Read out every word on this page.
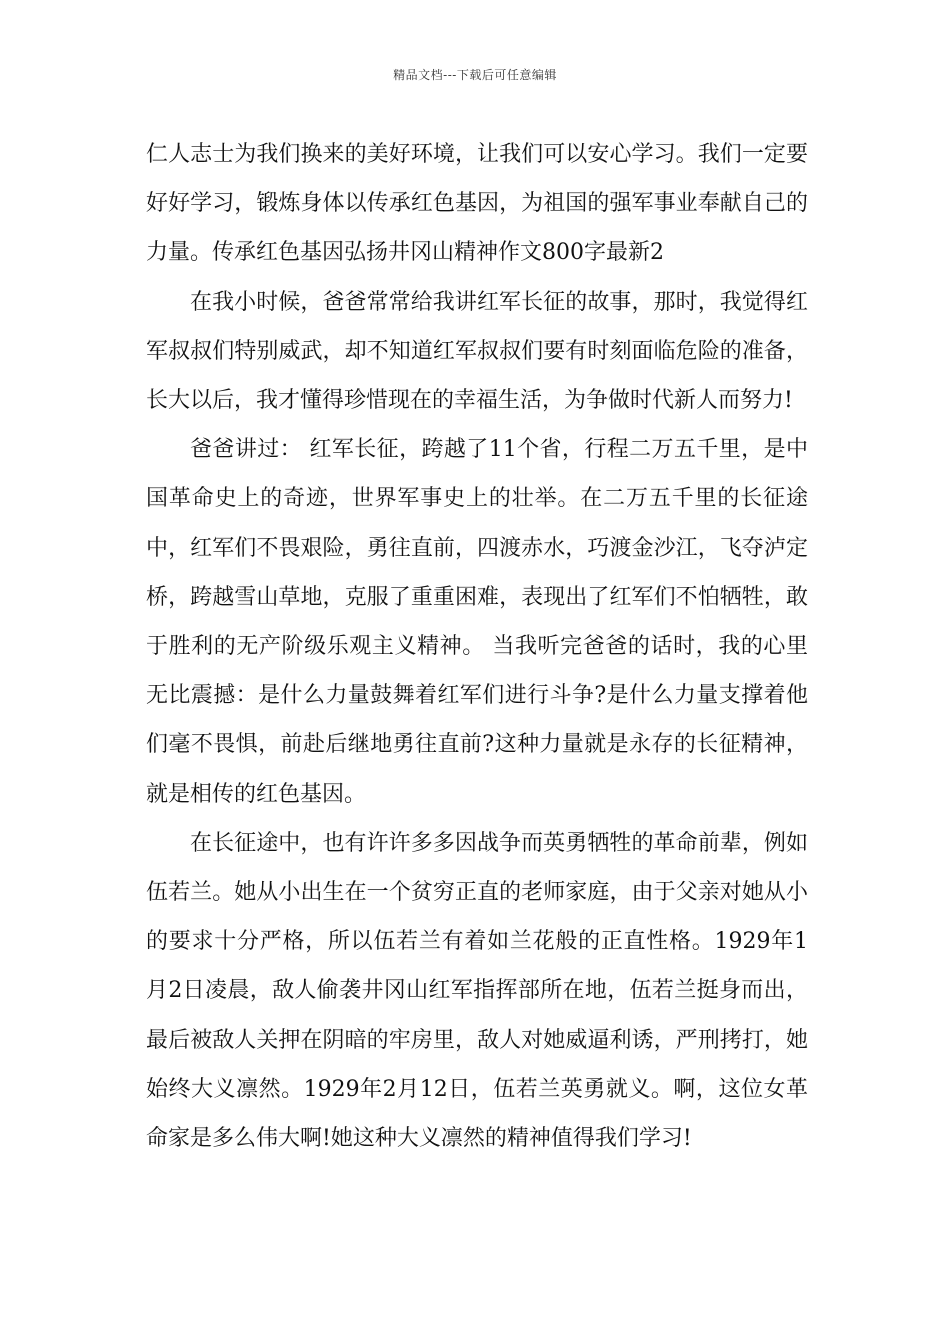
精品文档---下载后可任意编辑

仁人志士为我们换来的美好环境，让我们可以安心学习。我们一定要好好学习，锻炼身体以传承红色基因，为祖国的强军事业奉献自己的力量。传承红色基因弘扬井冈山精神作文800字最新2

在我小时候，爸爸常常给我讲红军长征的故事，那时，我觉得红军叔叔们特别威武，却不知道红军叔叔们要有时刻面临危险的准备，长大以后，我才懂得珍惜现在的幸福生活，为争做时代新人而努力!

爸爸讲过： 红军长征，跨越了11个省，行程二万五千里，是中国革命史上的奇迹，世界军事史上的壮举。在二万五千里的长征途中，红军们不畏艰险，勇往直前，四渡赤水，巧渡金沙江，飞夺泸定桥，跨越雪山草地，克服了重重困难，表现出了红军们不怕牺牲，敢于胜利的无产阶级乐观主义精神。 当我听完爸爸的话时，我的心里无比震撼：是什么力量鼓舞着红军们进行斗争?是什么力量支撑着他们毫不畏惧，前赴后继地勇往直前?这种力量就是永存的长征精神，就是相传的红色基因。

在长征途中，也有许许多多因战争而英勇牺牲的革命前辈，例如伍若兰。她从小出生在一个贫穷正直的老师家庭，由于父亲对她从小的要求十分严格，所以伍若兰有着如兰花般的正直性格。1929年1月2日凌晨，敌人偷袭井冈山红军指挥部所在地，伍若兰挺身而出，最后被敌人关押在阴暗的牢房里，敌人对她威逼利诱，严刑拷打，她始终大义凛然。1929年2月12日，伍若兰英勇就义。啊，这位女革命家是多么伟大啊!她这种大义凛然的精神值得我们学习!
